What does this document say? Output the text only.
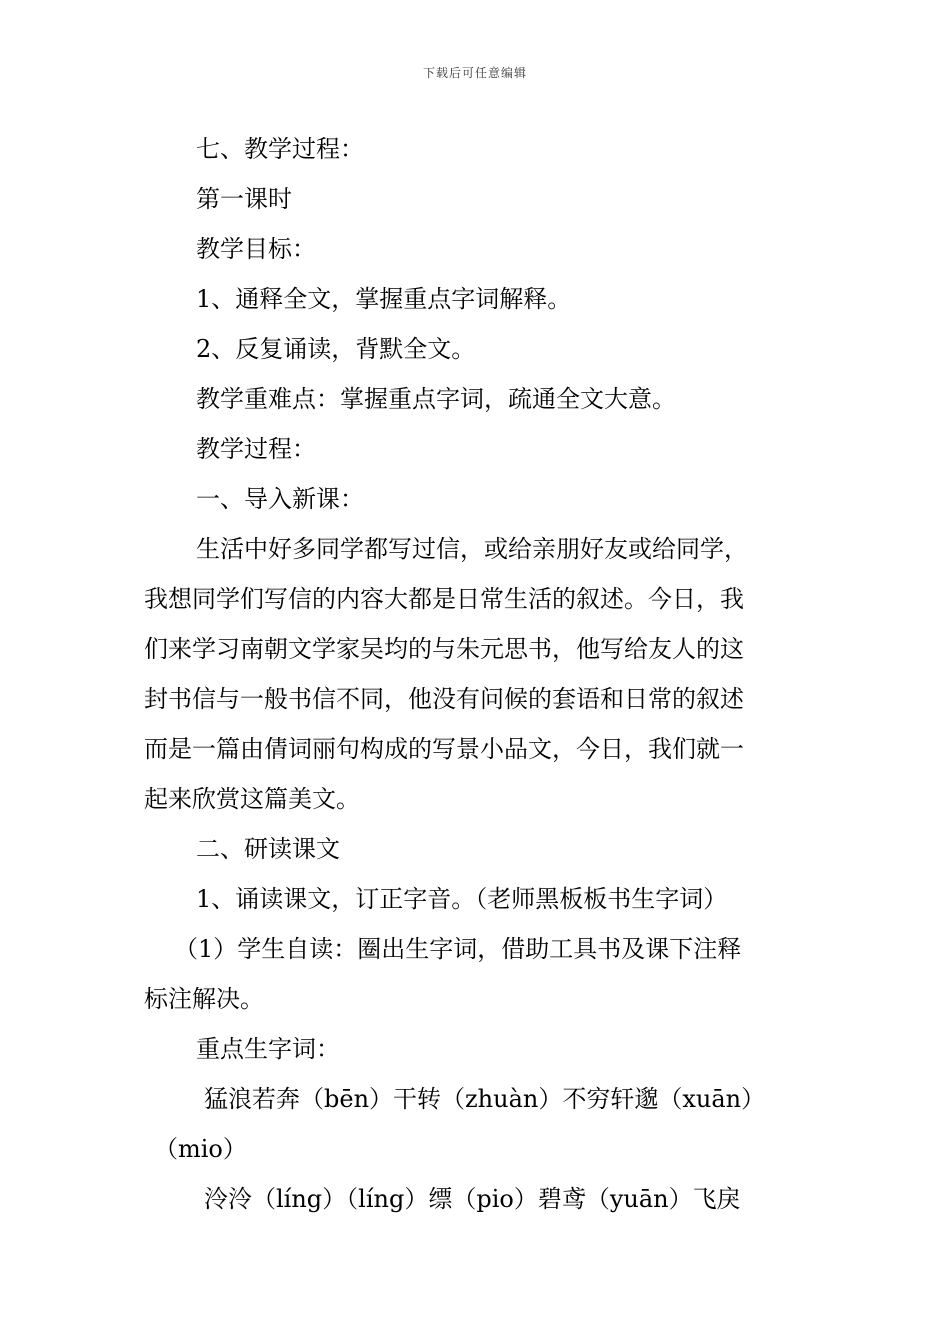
下载后可任意编辑
七、教学过程：
第一课时
教学目标：
1、通释全文，掌握重点字词解释。
2、反复诵读，背默全文。
教学重难点：掌握重点字词，疏通全文大意。
教学过程：
一、导入新课：
生活中好多同学都写过信，或给亲朋好友或给同学，
我想同学们写信的内容大都是日常生活的叙述。今日，我
们来学习南朝文学家吴均的与朱元思书，他写给友人的这
封书信与一般书信不同，他没有问候的套语和日常的叙述
而是一篇由倩词丽句构成的写景小品文，今日，我们就一
起来欣赏这篇美文。
二、研读课文
1、诵读课文，订正字音。（老师黑板板书生字词）
（1）学生自读：圈出生字词，借助工具书及课下注释
标注解决。
重点生字词：
猛浪若奔（bēn）干转（zhuàn）不穷轩邈（xuān）
（mio）
泠泠（líng）（líng）缥（pio）碧鸢（yuān）飞戾
